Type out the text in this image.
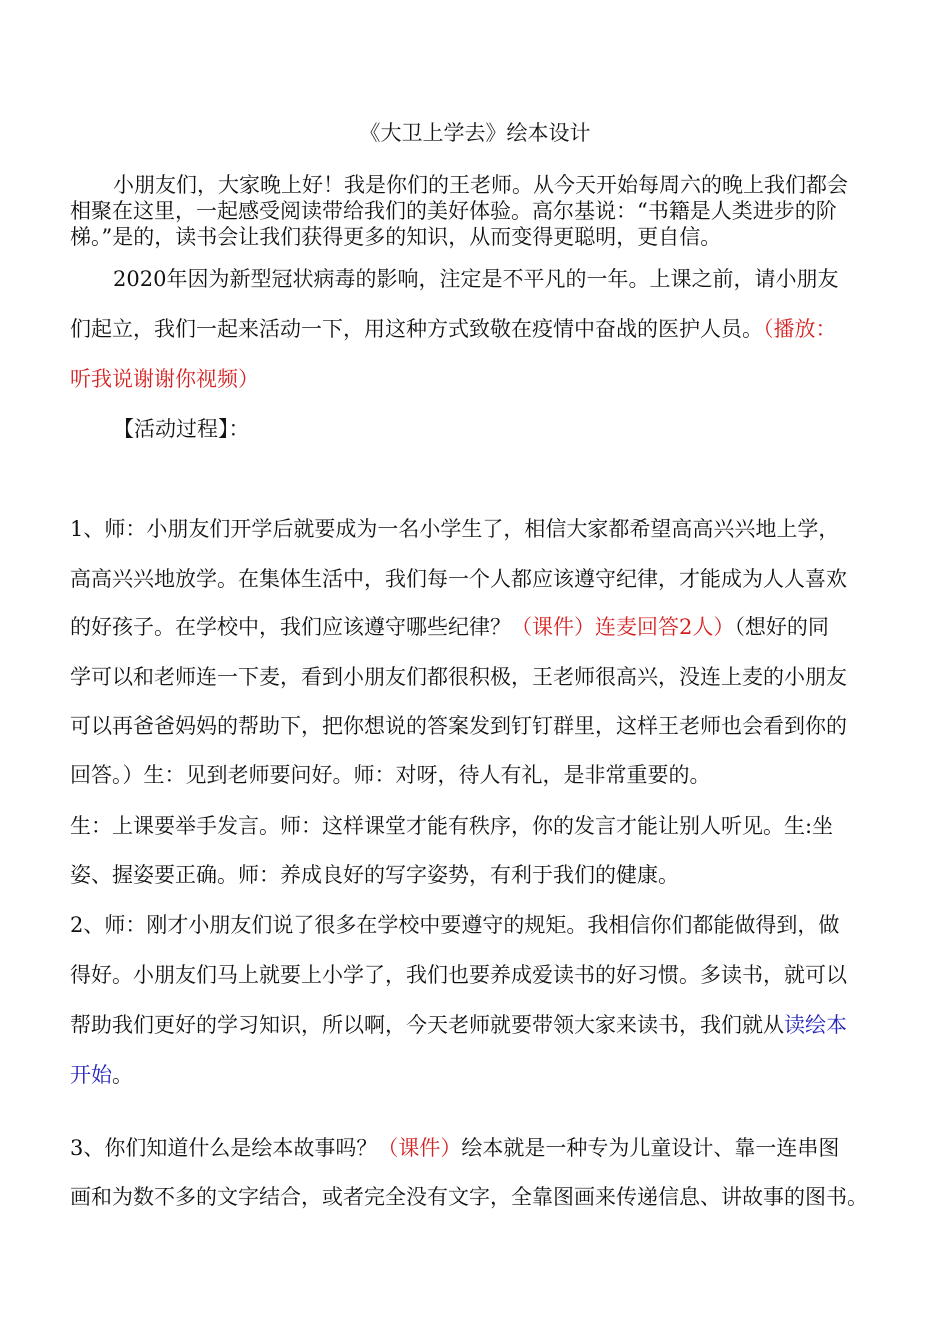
《大卫上学去》绘本设计
小朋友们，大家晚上好！我是你们的王老师。从今天开始每周六的晚上我们都会
相聚在这里，一起感受阅读带给我们的美好体验。高尔基说：“书籍是人类进步的阶
梯。”是的，读书会让我们获得更多的知识，从而变得更聪明，更自信。
2020年因为新型冠状病毒的影响，注定是不平凡的一年。上课之前，请小朋友
们起立，我们一起来活动一下，用这种方式致敬在疫情中奋战的医护人员。（播放：
听我说谢谢你视频）
【活动过程】：
1、师：小朋友们开学后就要成为一名小学生了，相信大家都希望高高兴兴地上学，
高高兴兴地放学。在集体生活中，我们每一个人都应该遵守纪律，才能成为人人喜欢
的好孩子。在学校中，我们应该遵守哪些纪律？（课件）连麦回答2人）（想好的同
学可以和老师连一下麦，看到小朋友们都很积极，王老师很高兴，没连上麦的小朋友
可以再爸爸妈妈的帮助下，把你想说的答案发到钉钉群里，这样王老师也会看到你的
回答。）生：见到老师要问好。师：对呀，待人有礼，是非常重要的。
生：上课要举手发言。师：这样课堂才能有秩序，你的发言才能让别人听见。生:坐
姿、握姿要正确。师：养成良好的写字姿势，有利于我们的健康。
2、师：刚才小朋友们说了很多在学校中要遵守的规矩。我相信你们都能做得到，做
得好。小朋友们马上就要上小学了，我们也要养成爱读书的好习惯。多读书，就可以
帮助我们更好的学习知识，所以啊，今天老师就要带领大家来读书，我们就从读绘本
开始。
3、你们知道什么是绘本故事吗？（课件）绘本就是一种专为儿童设计、靠一连串图
画和为数不多的文字结合，或者完全没有文字，全靠图画来传递信息、讲故事的图书。
